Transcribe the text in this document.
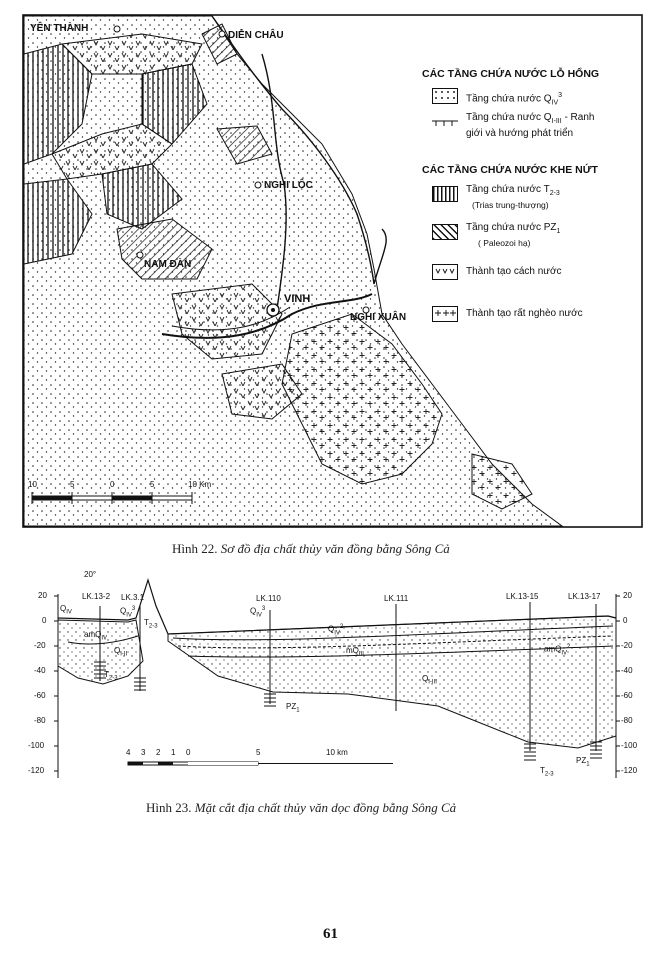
YÊN THÀNH
DIỄN CHÂU
NGHI LỘC
NAM ĐÀN
VINH
NGHI XUÂN
CÁC TẦNG CHỨA NƯỚC LỖ HỔNG
Tầng chứa nước $Q_{IV}^3$
Tầng chứa nước $Q_{I-III}$ - Ranh
giới và hướng phát triển
CÁC TẦNG CHỨA NƯỚC KHE NỨT
Tầng chứa nước $T_{2-3}$
(Trias trung-thượng)
Tầng chứa nước $PZ_1$
( Paleozoi hạ)
Thành tạo cách nước
Thành tạo rất nghèo nước
10	5	0	5	10 Km
Hình 22. Sơ đồ địa chất thủy văn đồng bằng Sông Cả
20°
LK.13-2 LK.3.1	LK.110	LK.111	LK.13-15	LK.13-17
20
0
-20
-40
-60
-80
-100
-120
20
0
-20
-40
-60
-80
-100
-120
$Q_{IV}$	$Q_{IV}^3$	$Q_{IV}^3$
$T_{2-3}$
amQ$_{IV}$
$Q_{I-II}$
$T_{2-3}$
$Q_{IV}^2$
$mQ_{III}$
$Q_{I-III}$
amQ$_{IV}^2$
$PZ_1$
$PZ_1$
$T_{2-3}$
4 3 2 1 0	5	10 km
Hình 23. Mặt cắt địa chất thủy văn dọc đồng bằng Sông Cả
61
